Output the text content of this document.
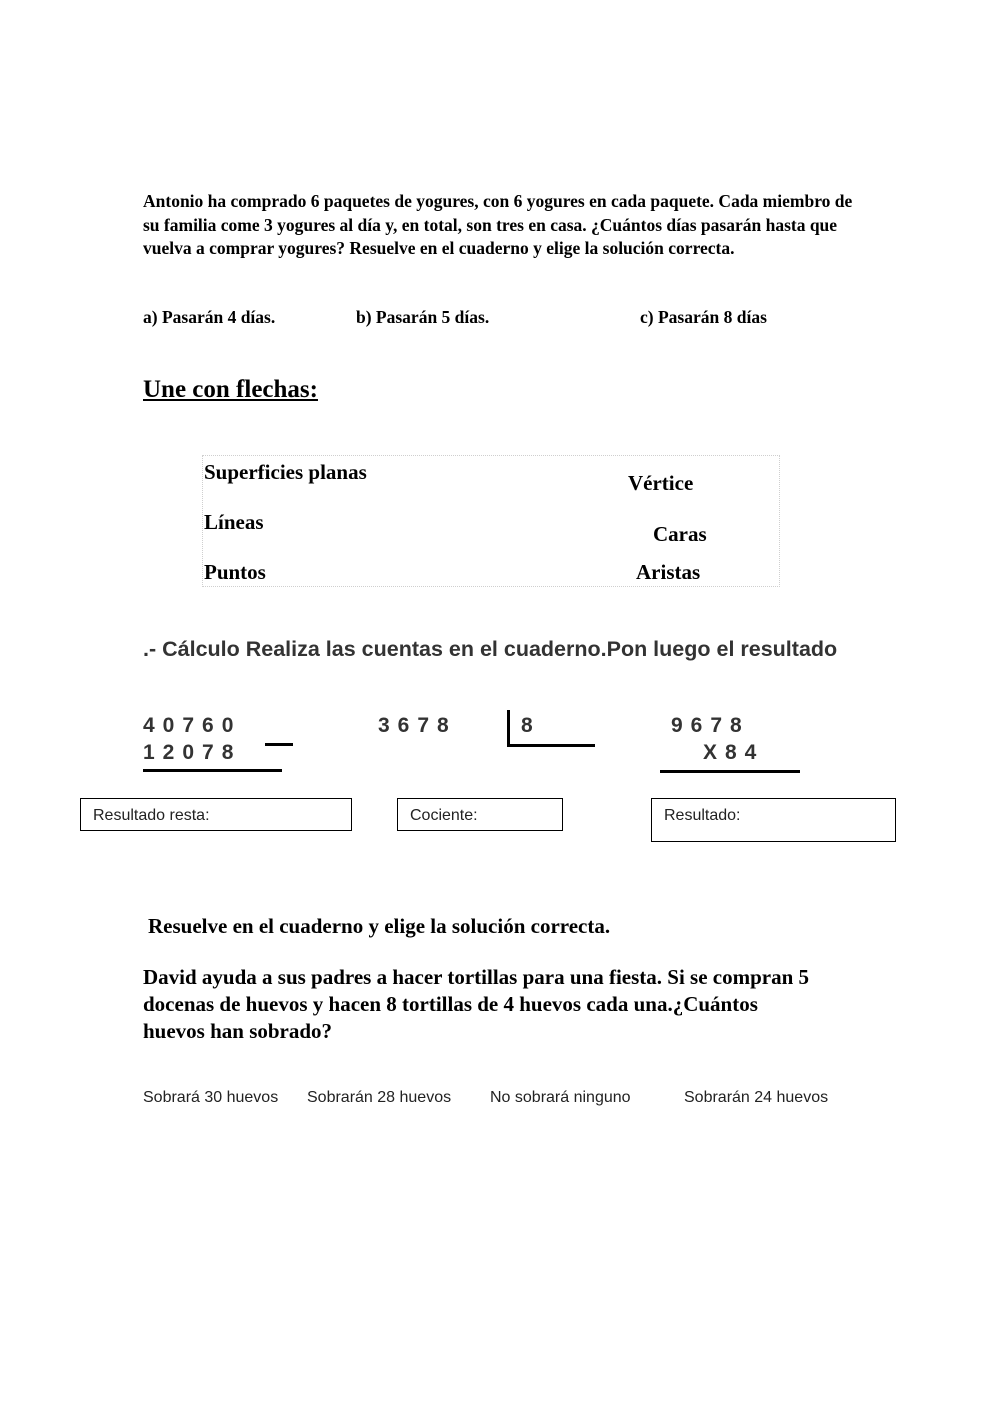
Antonio ha comprado 6 paquetes de yogures, con 6 yogures en cada paquete. Cada miembro de su familia come 3 yogures al día y, en total, son tres en casa. ¿Cuántos días pasarán hasta que vuelva a comprar yogures? Resuelve en el cuaderno y elige la solución correcta.
a) Pasarán 4 días.	b) Pasarán 5 días.	c) Pasarán 8 días
Une con flechas:
Superficies planas
Líneas
Puntos
Vértice
Caras
Aristas
.- Cálculo Realiza las cuentas en el cuaderno.Pon luego el resultado
40760
12078
3678	8	9678
X84
Resultado resta:	Cociente:	Resultado:
Resuelve en el cuaderno y elige la solución correcta.
David ayuda a sus padres a hacer tortillas para una fiesta. Si se compran 5 docenas de huevos y hacen 8 tortillas de 4 huevos cada una.¿Cuántos huevos han sobrado?
Sobrará 30 huevos Sobrarán 28 huevos No sobrará ninguno	Sobrarán 24 huevos
